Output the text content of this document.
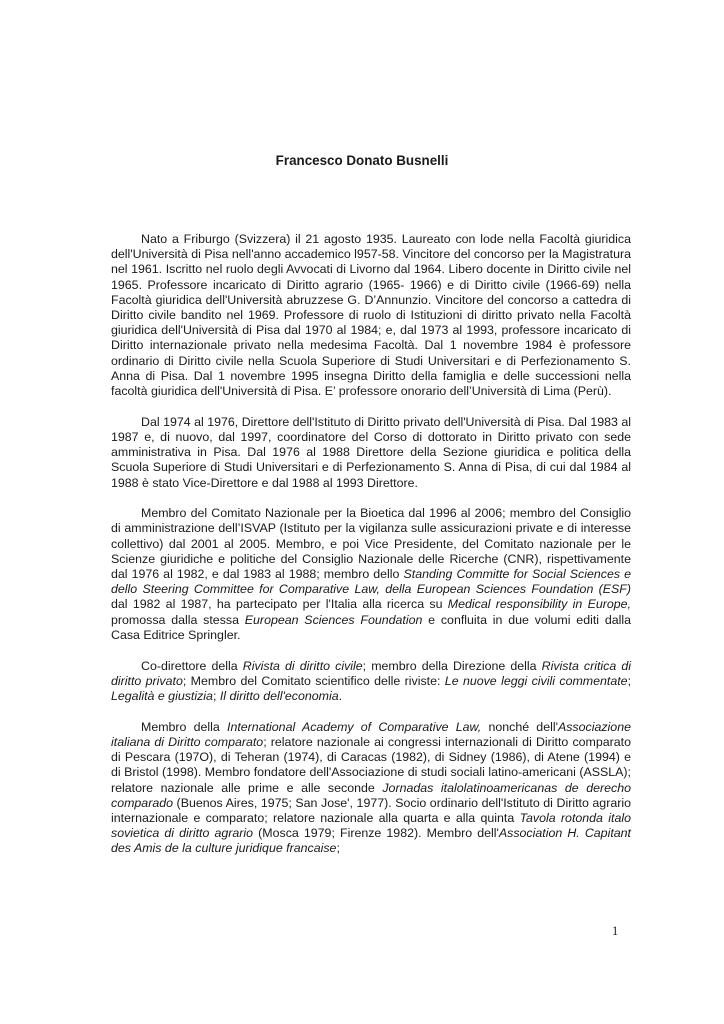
Francesco Donato Busnelli

Nato a Friburgo (Svizzera) il 21 agosto 1935. Laureato con lode nella Facoltà giuridica dell'Università di Pisa nell'anno accademico l957-58. Vincitore del concorso per la Magistratura nel 1961. Iscritto nel ruolo degli Avvocati di Livorno dal 1964. Libero docente in Diritto civile nel 1965. Professore incaricato di Diritto agrario (1965- 1966) e di Diritto civile (1966-69) nella Facoltà giuridica dell'Università abruzzese G. D’Annunzio. Vincitore del concorso a cattedra di Diritto civile bandito nel 1969. Professore di ruolo di Istituzioni di diritto privato nella Facoltà giuridica dell'Università di Pisa dal 1970 al 1984; e, dal 1973 al 1993, professore incaricato di Diritto internazionale privato nella medesima Facoltà. Dal 1 novembre 1984 è professore ordinario di Diritto civile nella Scuola Superiore di Studi Universitari e di Perfezionamento S. Anna di Pisa. Dal 1 novembre 1995 insegna Diritto della famiglia e delle successioni nella facoltà giuridica dell'Università di Pisa. E’ professore onorario dell’Università di Lima (Perù).

Dal 1974 al 1976, Direttore dell'Istituto di Diritto privato dell'Università di Pisa. Dal 1983 al 1987 e, di nuovo, dal 1997, coordinatore del Corso di dottorato in Diritto privato con sede amministrativa in Pisa. Dal 1976 al 1988 Direttore della Sezione giuridica e politica della Scuola Superiore di Studi Universitari e di Perfezionamento S. Anna di Pisa, di cui dal 1984 al 1988 è stato Vice-Direttore e dal 1988 al 1993 Direttore.

Membro del Comitato Nazionale per la Bioetica dal 1996 al 2006; membro del Consiglio di amministrazione dell’ISVAP (Istituto per la vigilanza sulle assicurazioni private e di interesse collettivo) dal 2001 al 2005. Membro, e poi Vice Presidente, del Comitato nazionale per le Scienze giuridiche e politiche del Consiglio Nazionale delle Ricerche (CNR), rispettivamente dal 1976 al 1982, e dal 1983 al 1988; membro dello Standing Committe for Social Sciences e dello Steering Committee for Comparative Law, della European Sciences Foundation (ESF) dal 1982 al 1987, ha partecipato per l'Italia alla ricerca su Medical responsibility in Europe, promossa dalla stessa European Sciences Foundation e confluita in due volumi editi dalla Casa Editrice Springler.

Co-direttore della Rivista di diritto civile; membro della Direzione della Rivista critica di diritto privato; Membro del Comitato scientifico delle riviste: Le nuove leggi civili commentate; Legalità e giustizia; Il diritto dell'economia.

Membro della International Academy of Comparative Law, nonché dell'Associazione italiana di Diritto comparato; relatore nazionale ai congressi internazionali di Diritto comparato di Pescara (197O), di Teheran (1974), di Caracas (1982), di Sidney (1986), di Atene (1994) e di Bristol (1998). Membro fondatore dell'Associazione di studi sociali latino-americani (ASSLA); relatore nazionale alle prime e alle seconde Jornadas italolatinoamericanas de derecho comparado (Buenos Aires, 1975; San Jose', 1977). Socio ordinario dell'Istituto di Diritto agrario internazionale e comparato; relatore nazionale alla quarta e alla quinta Tavola rotonda italo sovietica di diritto agrario (Mosca 1979; Firenze 1982). Membro dell'Association H. Capitant des Amis de la culture juridique francaise;

1
